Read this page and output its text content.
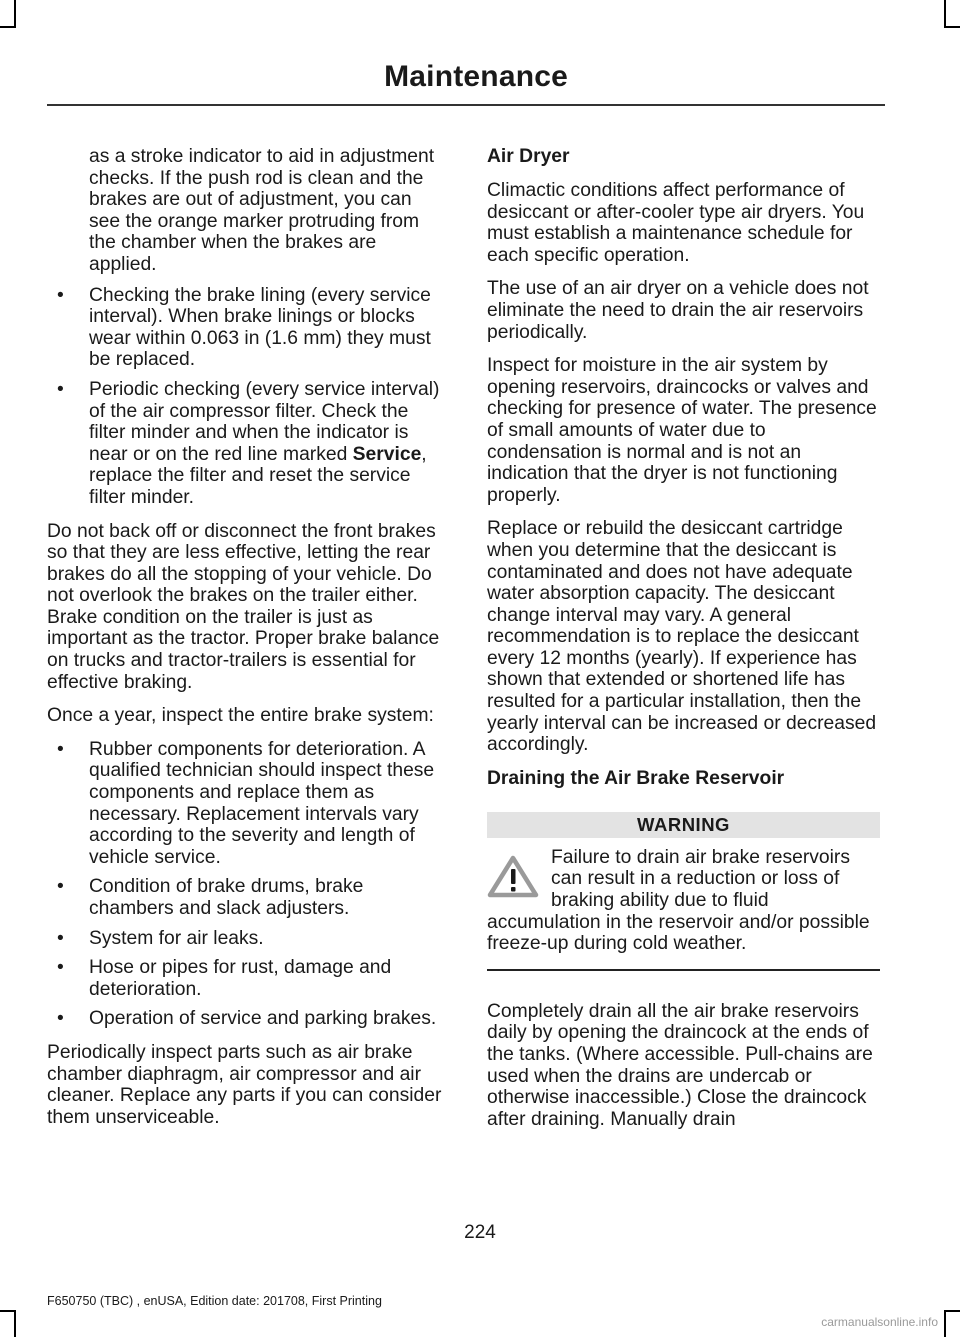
Maintenance

as a stroke indicator to aid in adjustment checks. If the push rod is clean and the brakes are out of adjustment, you can see the orange marker protruding from the chamber when the brakes are applied.

• Checking the brake lining (every service interval). When brake linings or blocks wear within 0.063 in (1.6 mm) they must be replaced.
• Periodic checking (every service interval) of the air compressor filter. Check the filter minder and when the indicator is near or on the red line marked Service, replace the filter and reset the service filter minder.

Do not back off or disconnect the front brakes so that they are less effective, letting the rear brakes do all the stopping of your vehicle. Do not overlook the brakes on the trailer either. Brake condition on the trailer is just as important as the tractor. Proper brake balance on trucks and tractor-trailers is essential for effective braking.

Once a year, inspect the entire brake system:

• Rubber components for deterioration. A qualified technician should inspect these components and replace them as necessary. Replacement intervals vary according to the severity and length of vehicle service.
• Condition of brake drums, brake chambers and slack adjusters.
• System for air leaks.
• Hose or pipes for rust, damage and deterioration.
• Operation of service and parking brakes.

Periodically inspect parts such as air brake chamber diaphragm, air compressor and air cleaner. Replace any parts if you can consider them unserviceable.

Air Dryer

Climactic conditions affect performance of desiccant or after-cooler type air dryers. You must establish a maintenance schedule for each specific operation.

The use of an air dryer on a vehicle does not eliminate the need to drain the air reservoirs periodically.

Inspect for moisture in the air system by opening reservoirs, draincocks or valves and checking for presence of water. The presence of small amounts of water due to condensation is normal and is not an indication that the dryer is not functioning properly.

Replace or rebuild the desiccant cartridge when you determine that the desiccant is contaminated and does not have adequate water absorption capacity. The desiccant change interval may vary. A general recommendation is to replace the desiccant every 12 months (yearly). If experience has shown that extended or shortened life has resulted for a particular installation, then the yearly interval can be increased or decreased accordingly.

Draining the Air Brake Reservoir
WARNING
Failure to drain air brake reservoirs can result in a reduction or loss of braking ability due to fluid accumulation in the reservoir and/or possible freeze-up during cold weather.

Completely drain all the air brake reservoirs daily by opening the draincock at the ends of the tanks. (Where accessible. Pull-chains are used when the drains are undercab or otherwise inaccessible.) Close the draincock after draining. Manually drain

224
F650750 (TBC) , enUSA, Edition date: 201708, First Printing
carmanualsonline.info
